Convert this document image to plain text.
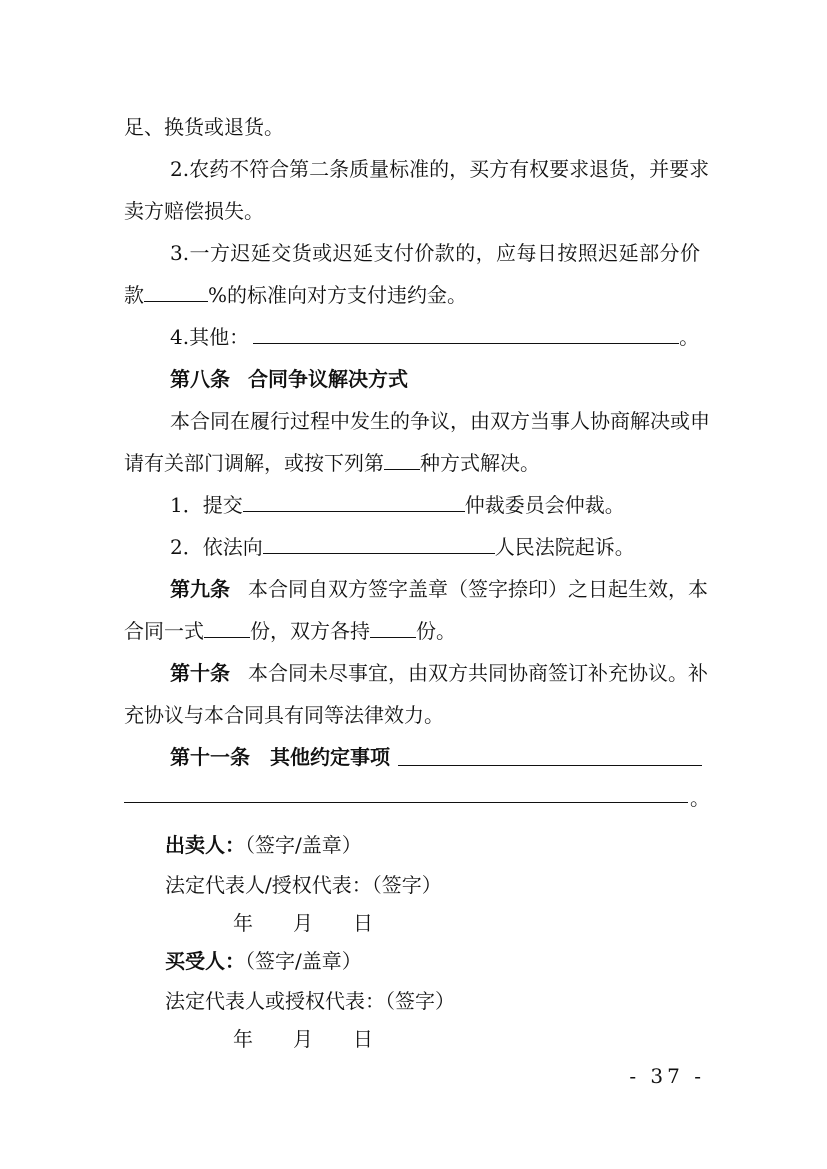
足、换货或退货。
2.农药不符合第二条质量标准的，买方有权要求退货，并要求
卖方赔偿损失。
3.一方迟延交货或迟延支付价款的，应每日按照迟延部分价
款	%的标准向对方支付违约金。
4.其他：	。
第八条 合同争议解决方式
本合同在履行过程中发生的争议，由双方当事人协商解决或申
请有关部门调解，或按下列第 种方式解决。
1．提交	仲裁委员会仲裁。
2．依法向	人民法院起诉。
第九条 本合同自双方签字盖章（签字捺印）之日起生效，本
合同一式 份，双方各持 份。
第十条 本合同未尽事宜，由双方共同协商签订补充协议。补
充协议与本合同具有同等法律效力。
第十一条　其他约定事项
。
出卖人：（签字/盖章）
法定代表人/授权代表：（签字）
年　　月　　日
买受人：（签字/盖章）
法定代表人或授权代表：（签字）
年　　月　　日
- 37 -
